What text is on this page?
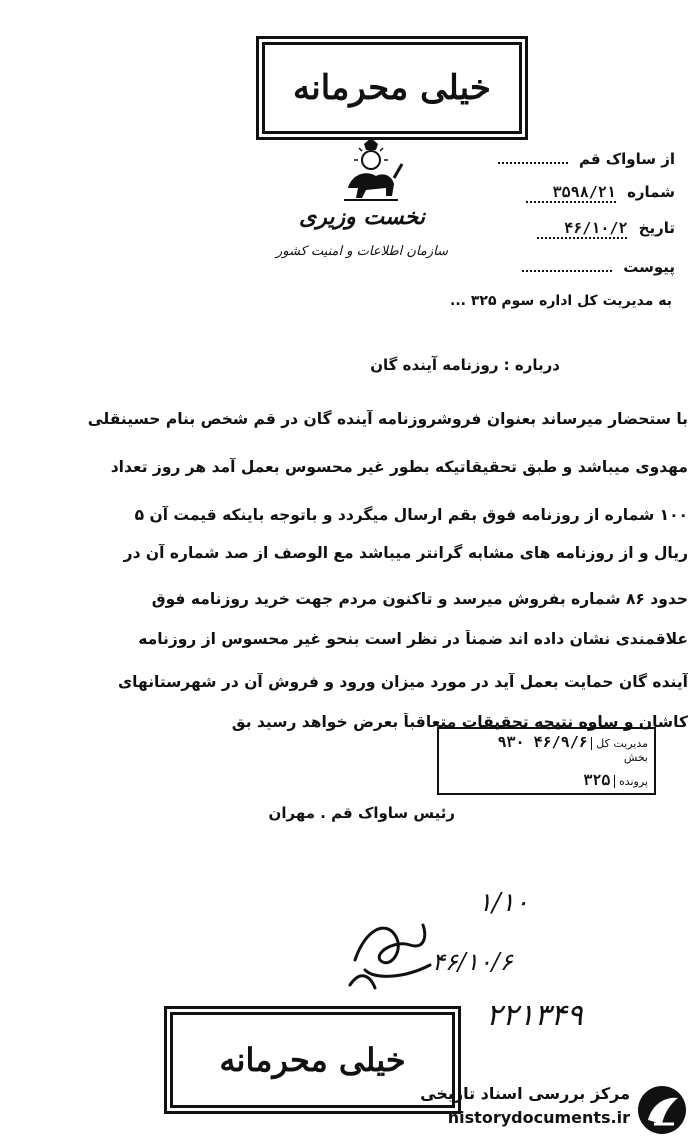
خیلی محرمانه
نخست وزیری
سازمان اطلاعات و امنیت کشور
از ساواک قم
شماره ۳۵۹۸/۲۱
تاریخ ۴۶/۱۰/۲
پیوست
به مدیریت کل اداره سوم ۳۲۵ ...
درباره : روزنامه آینده گان
با ستحضار میرساند بعنوان فروشروزنامه آینده گان در قم شخص بنام حسینقلی
مهدوی میباشد و طبق تحقیقاتیکه بطور غیر محسوس بعمل آمد هر روز تعداد
۱۰۰ شماره از روزنامه فوق بقم ارسال میگردد و باتوجه باینکه قیمت آن ۵
ریال و از روزنامه های مشابه گرانتر میباشد مع الوصف از صد شماره آن در
حدود ۸۶ شماره بفروش میرسد و تاکنون مردم جهت خرید روزنامه فوق
علاقمندی نشان داده اند ضمناً در نظر است بنحو غیر محسوس از روزنامه
آینده گان حمایت بعمل آید در مورد میزان ورود و فروش آن در شهرستانهای
کاشان و ساوه نتیجه تحقیقات متعاقباً بعرض خواهد رسید بق
مدیریت کل ۴۶/۹/۶ ۹۳۰
بخش
پرونده ۳۲۵
رئیس ساواک قم . مهران
۱/۱۰
۴۶/۱۰/۶
۲۲۱۳۴۹
خیلی محرمانه
مرکز بررسی اسناد تاریخی
historydocuments.ir
